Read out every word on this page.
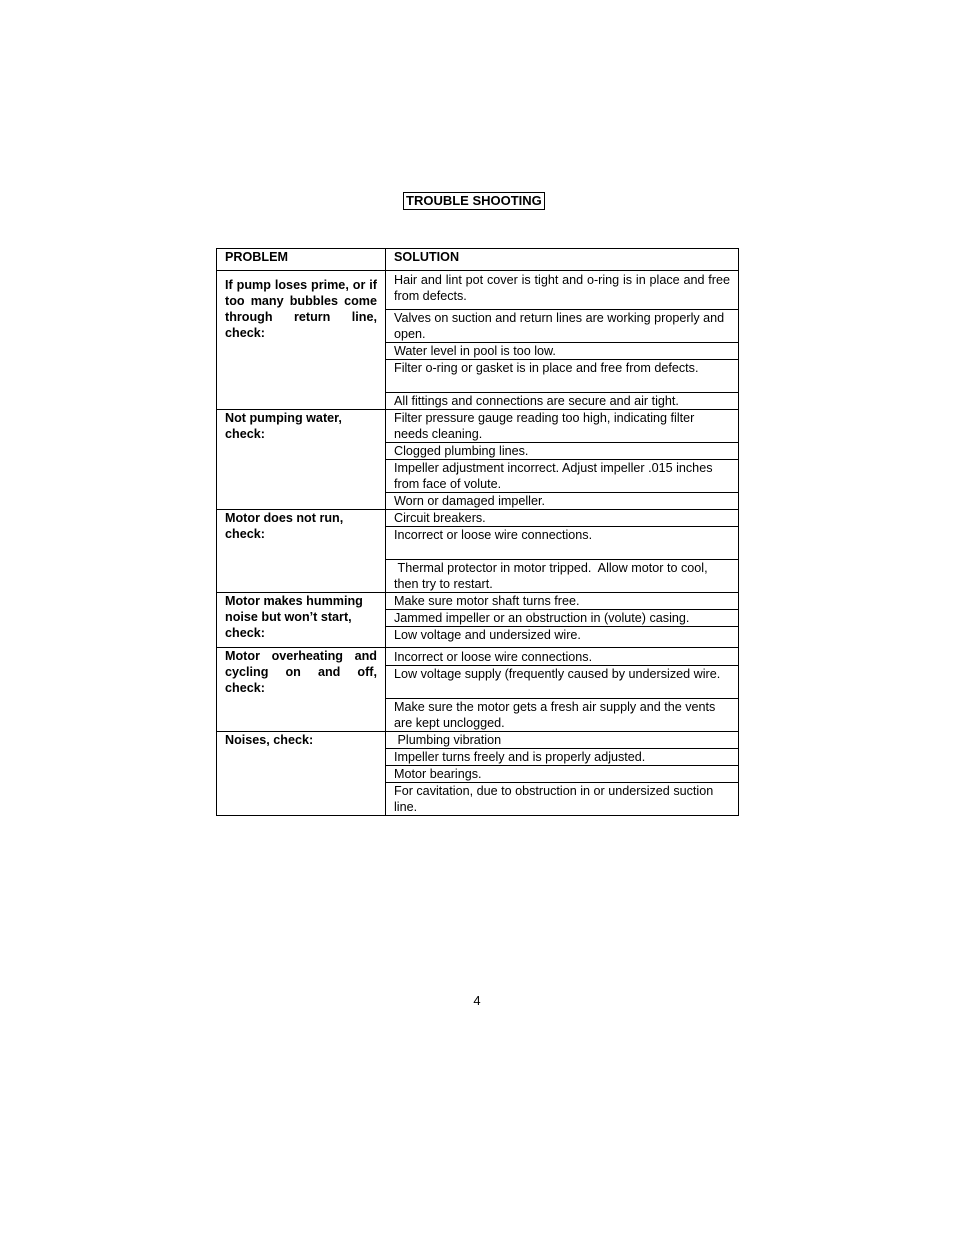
TROUBLE SHOOTING
PROBLEM	SOLUTION
If pump loses prime, or if too many bubbles come through return line, check:	Hair and lint pot cover is tight and o-ring is in place and free from defects.
	Valves on suction and return lines are working properly and open.
	Water level in pool is too low.
	Filter o-ring or gasket is in place and free from defects.
	All fittings and connections are secure and air tight.
Not pumping water, check:	Filter pressure gauge reading too high, indicating filter needs cleaning.
	Clogged plumbing lines.
	Impeller adjustment incorrect. Adjust impeller .015 inches from face of volute.
	Worn or damaged impeller.
Motor does not run, check:	Circuit breakers.
	Incorrect or loose wire connections.
	Thermal protector in motor tripped.  Allow motor to cool, then try to restart.
Motor makes humming noise but won’t start, check:	Make sure motor shaft turns free.
	Jammed impeller or an obstruction in (volute) casing.
	Low voltage and undersized wire.
Motor overheating and cycling on and off, check:	Incorrect or loose wire connections.
	Low voltage supply (frequently caused by undersized wire.
	Make sure the motor gets a fresh air supply and the vents are kept unclogged.
Noises, check:	Plumbing vibration
	Impeller turns freely and is properly adjusted.
	Motor bearings.
	For cavitation, due to obstruction in or undersized suction line.
4
